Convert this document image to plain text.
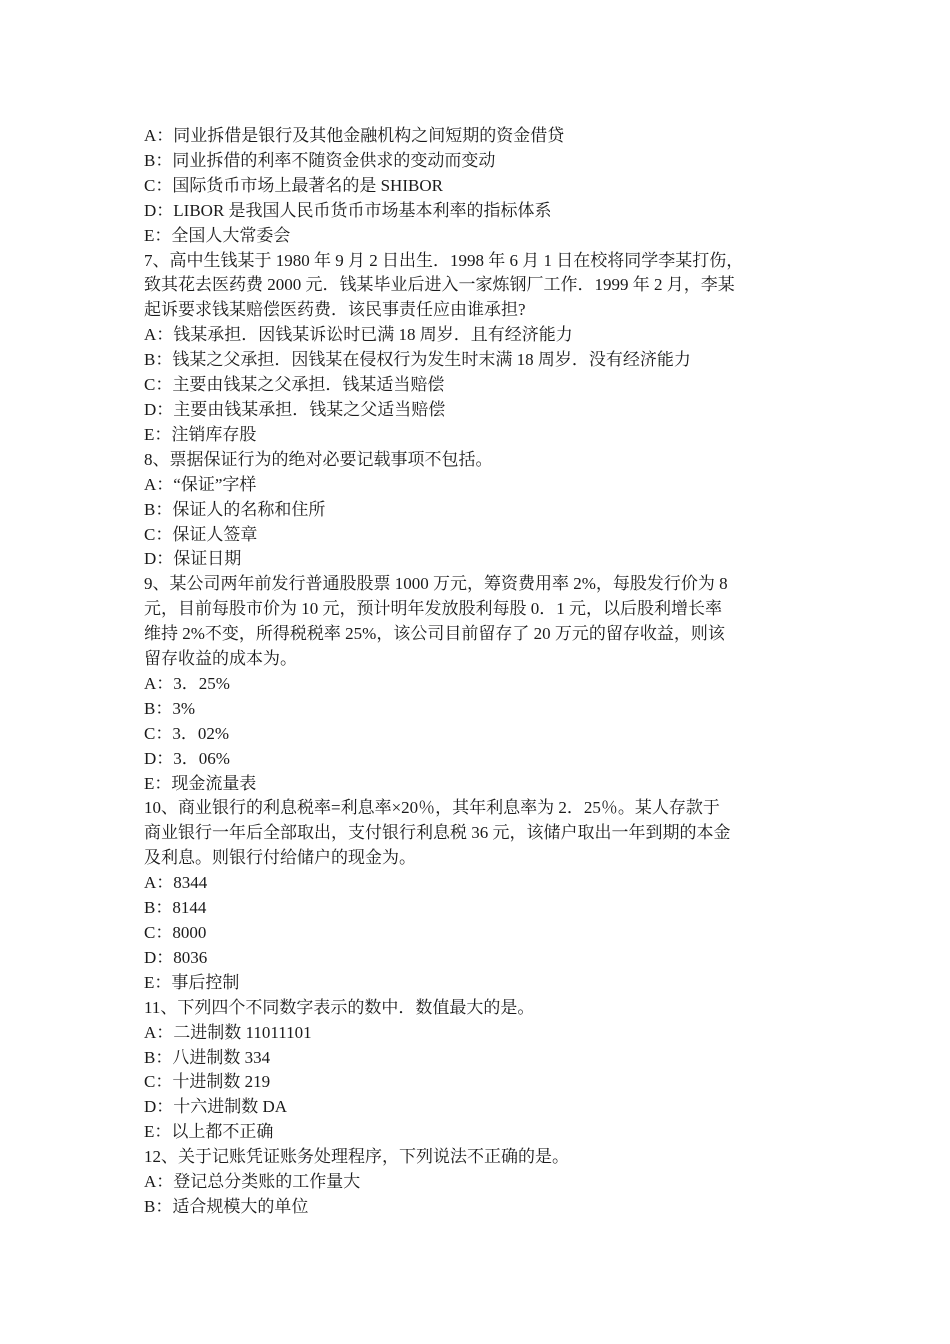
A：同业拆借是银行及其他金融机构之间短期的资金借贷
B：同业拆借的利率不随资金供求的变动而变动
C：国际货币市场上最著名的是 SHIBOR
D：LIBOR 是我国人民币货币市场基本利率的指标体系
E：全国人大常委会
7、高中生钱某于 1980 年 9 月 2 日出生．1998 年 6 月 1 日在校将同学李某打伤，
致其花去医药费 2000 元．钱某毕业后进入一家炼钢厂工作．1999 年 2 月，李某
起诉要求钱某赔偿医药费．该民事责任应由谁承担?
A：钱某承担．因钱某诉讼时已满 18 周岁．且有经济能力
B：钱某之父承担．因钱某在侵权行为发生时末满 18 周岁．没有经济能力
C：主要由钱某之父承担．钱某适当赔偿
D：主要由钱某承担．钱某之父适当赔偿
E：注销库存股
8、票据保证行为的绝对必要记载事项不包括。
A：“保证”字样
B：保证人的名称和住所
C：保证人签章
D：保证日期
9、某公司两年前发行普通股股票 1000 万元，筹资费用率 2%，每股发行价为 8
元，目前每股市价为 10 元，预计明年发放股利每股 0．1 元，以后股利增长率
维持 2%不变，所得税税率 25%，该公司目前留存了 20 万元的留存收益，则该
留存收益的成本为。
A：3．25%
B：3%
C：3．02%
D：3．06%
E：现金流量表
10、商业银行的利息税率=利息率×20％，其年利息率为 2．25％。某人存款于
商业银行一年后全部取出，支付银行利息税 36 元，该储户取出一年到期的本金
及利息。则银行付给储户的现金为。
A：8344
B：8144
C：8000
D：8036
E：事后控制
11、下列四个不同数字表示的数中．数值最大的是。
A：二进制数 11011101
B：八进制数 334
C：十进制数 219
D：十六进制数 DA
E：以上都不正确
12、关于记账凭证账务处理程序，下列说法不正确的是。
A：登记总分类账的工作量大
B：适合规模大的单位
